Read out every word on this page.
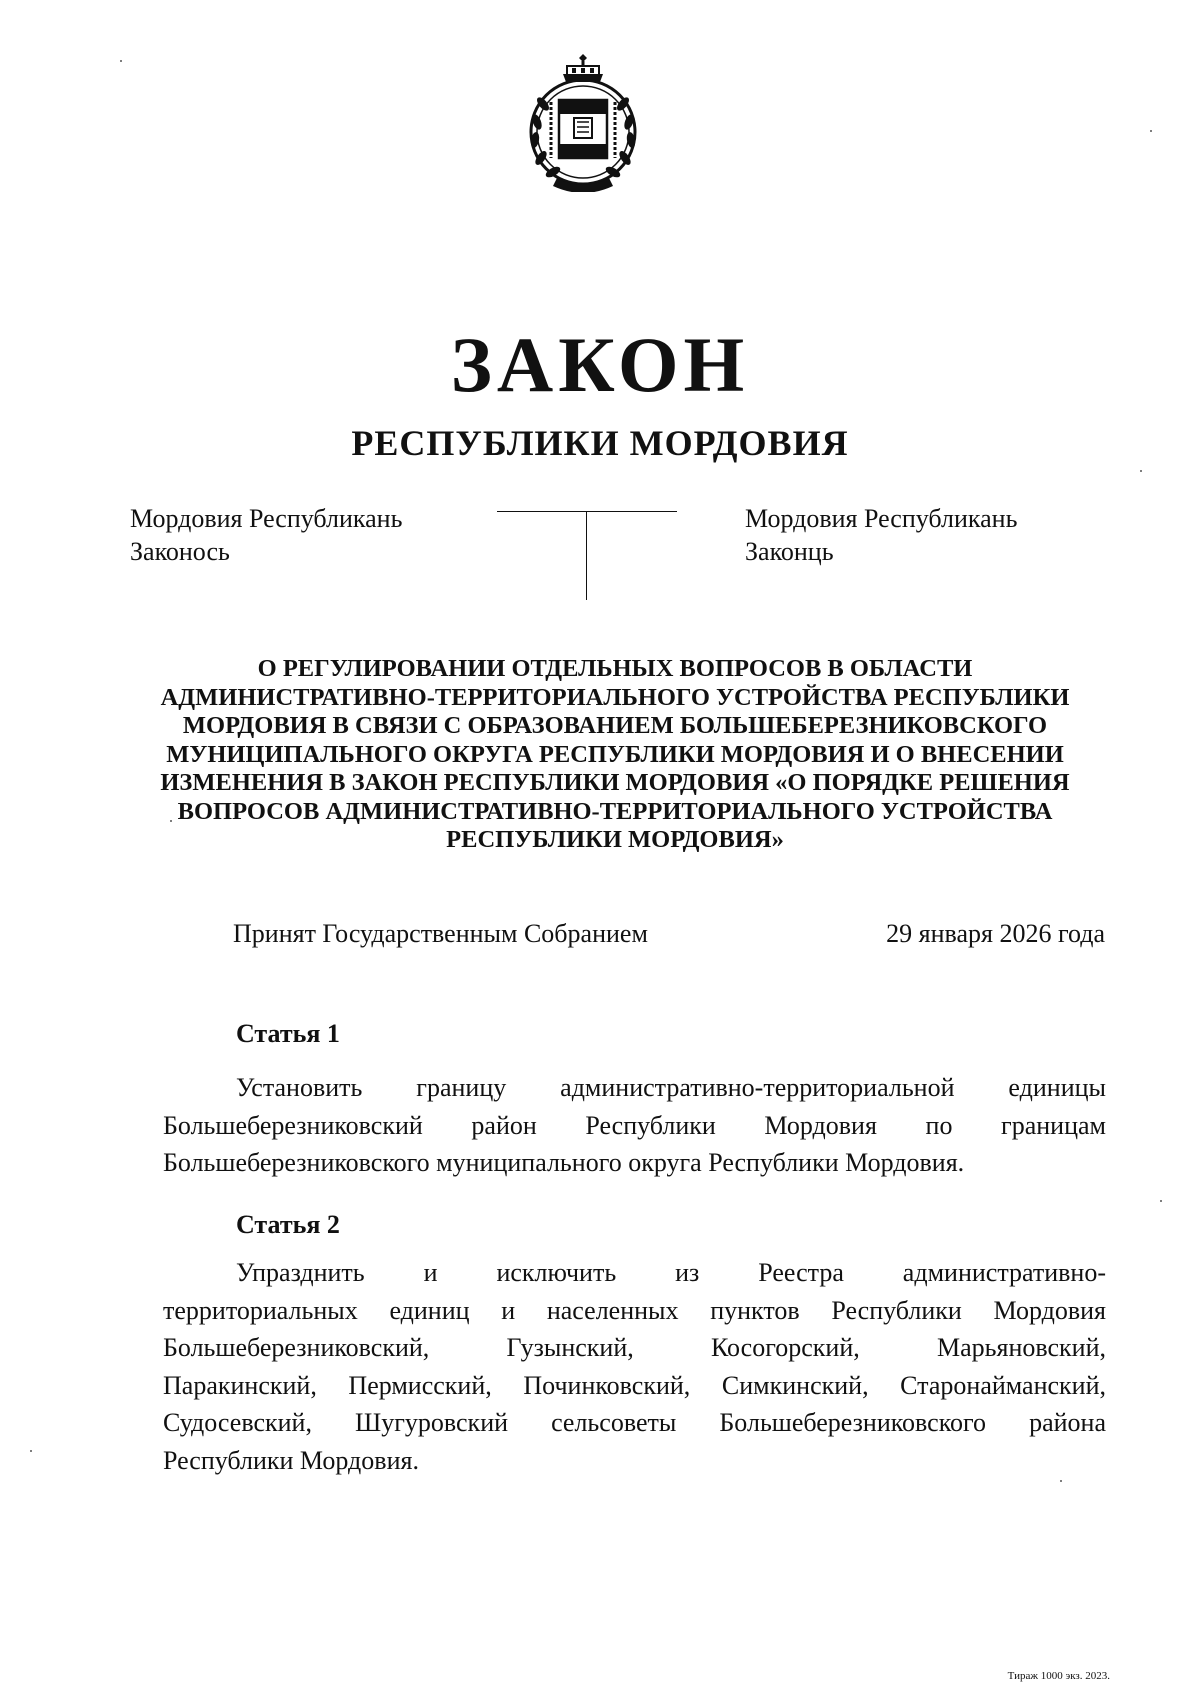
ЗАКОН
РЕСПУБЛИКИ МОРДОВИЯ
Мордовия Республикань
Законось
Мордовия Республикань
Законць
О РЕГУЛИРОВАНИИ ОТДЕЛЬНЫХ ВОПРОСОВ В ОБЛАСТИ
АДМИНИСТРАТИВНО-ТЕРРИТОРИАЛЬНОГО УСТРОЙСТВА РЕСПУБЛИКИ
МОРДОВИЯ В СВЯЗИ С ОБРАЗОВАНИЕМ БОЛЬШЕБЕРЕЗНИКОВСКОГО
МУНИЦИПАЛЬНОГО ОКРУГА РЕСПУБЛИКИ МОРДОВИЯ И О ВНЕСЕНИИ
ИЗМЕНЕНИЯ В ЗАКОН РЕСПУБЛИКИ МОРДОВИЯ «О ПОРЯДКЕ РЕШЕНИЯ
ВОПРОСОВ АДМИНИСТРАТИВНО-ТЕРРИТОРИАЛЬНОГО УСТРОЙСТВА
РЕСПУБЛИКИ МОРДОВИЯ»
Принят Государственным Собранием	29 января 2026 года
Статья 1
Установить границу административно-территориальной единицы
Большеберезниковский район Республики Мордовия по границам
Большеберезниковского муниципального округа Республики Мордовия.
Статья 2
Упразднить и исключить из Реестра административно-
территориальных единиц и населенных пунктов Республики Мордовия
Большеберезниковский, Гузынский, Косогорский, Марьяновский,
Паракинский, Пермисский, Починковский, Симкинский, Старонайманский,
Судосевский, Шугуровский сельсоветы Большеберезниковского района
Республики Мордовия.
Тираж 1000 экз. 2023.
